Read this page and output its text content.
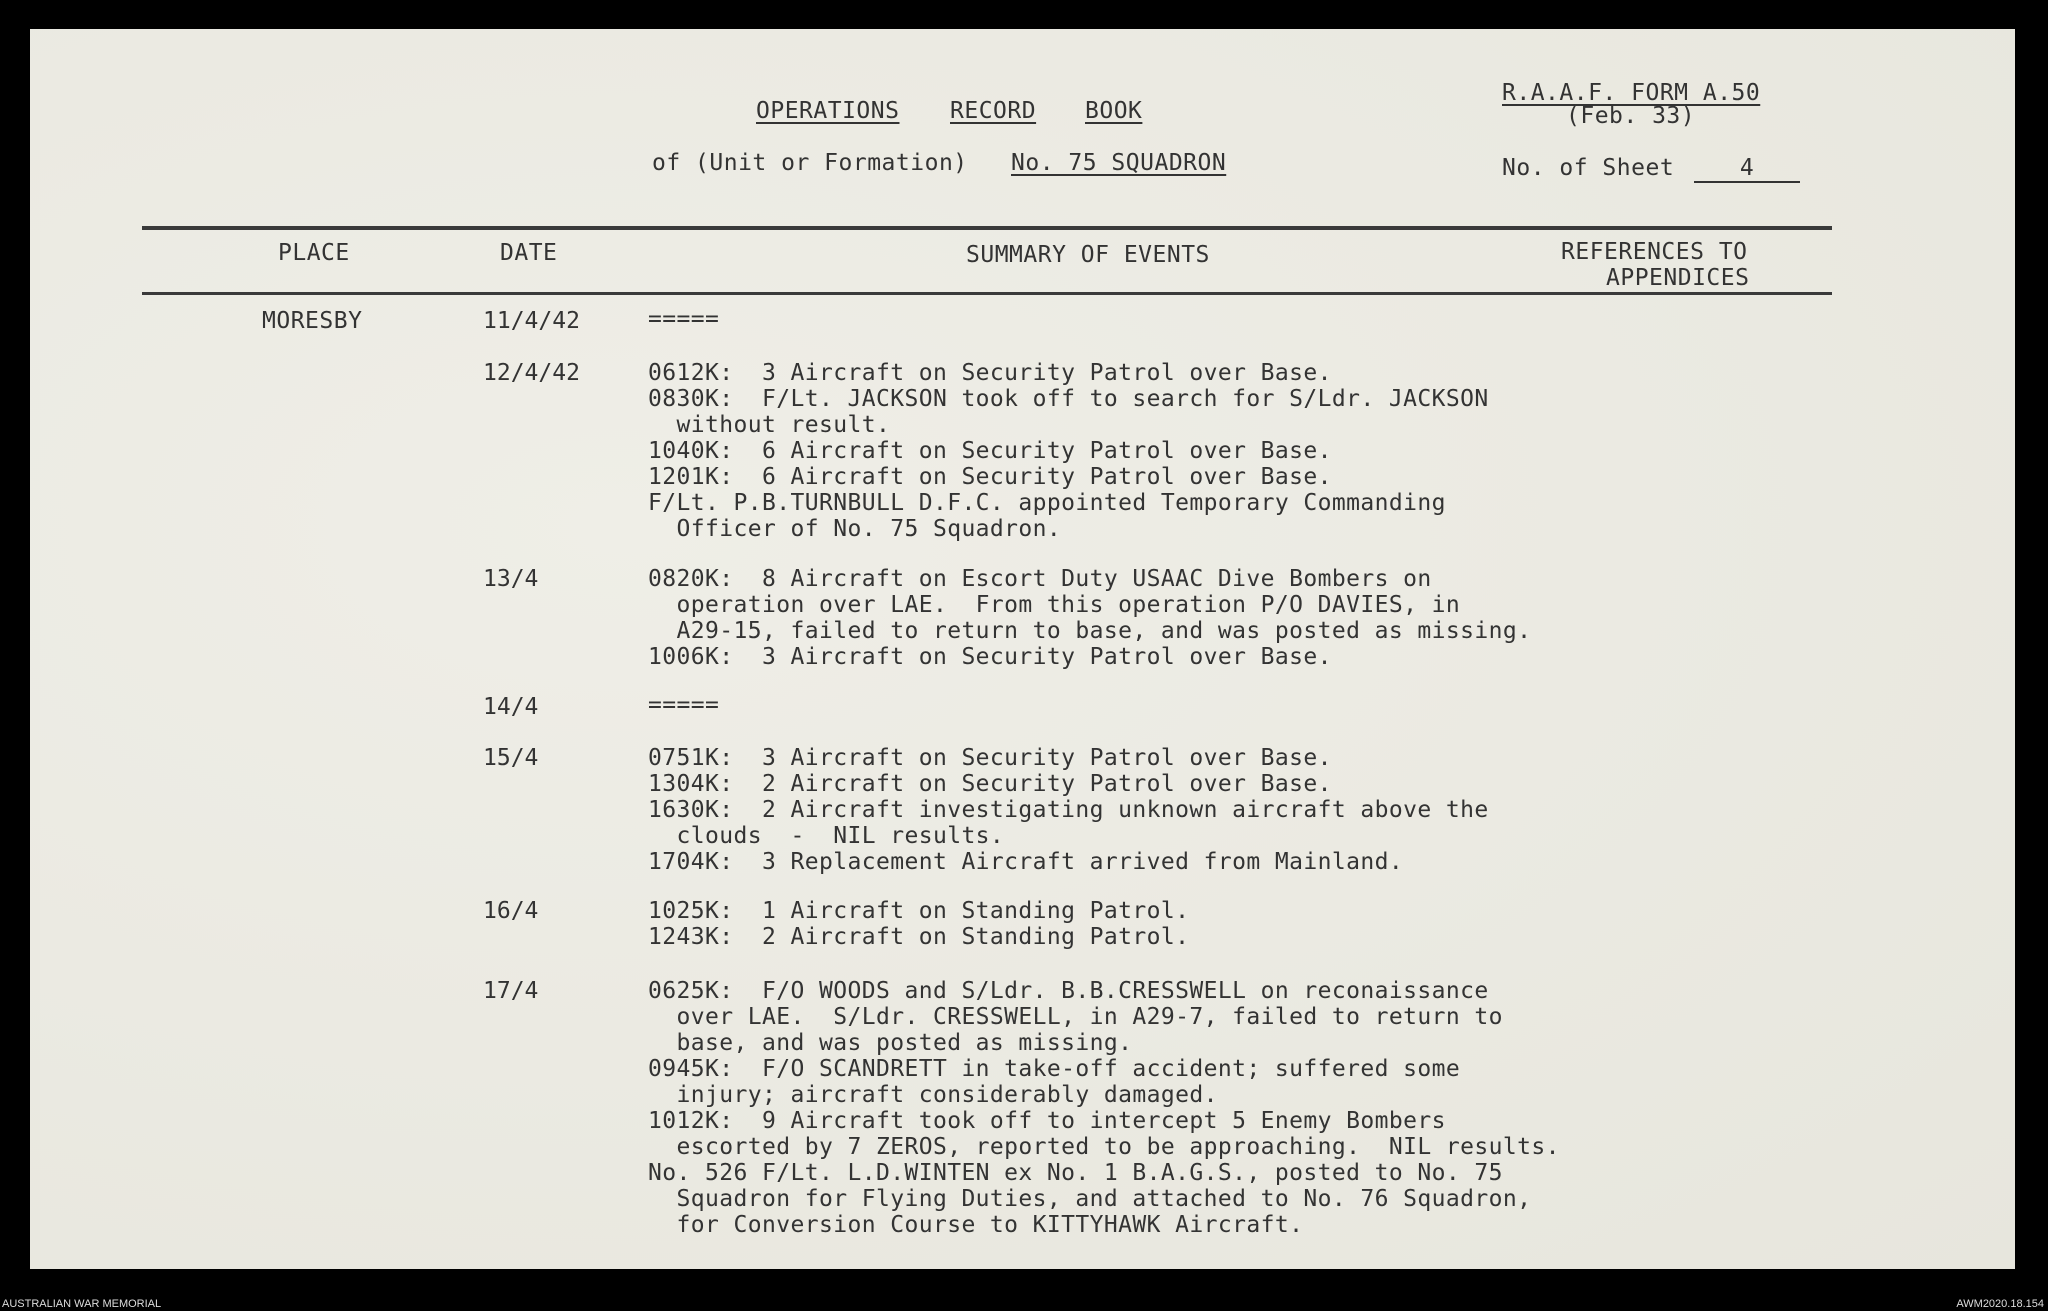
OPERATIONS RECORD BOOK
of (Unit or Formation) No. 75 SQUADRON
R.A.A.F. FORM A.50
(Feb. 33)
No. of Sheet	4
PLACE	DATE	SUMMARY OF EVENTS	REFERENCES TO
APPENDICES
MORESBY	11/4/42	=====
12/4/42	0612K:  3 Aircraft on Security Patrol over Base.
0830K:  F/Lt. JACKSON took off to search for S/Ldr. JACKSON
without result.
1040K:  6 Aircraft on Security Patrol over Base.
1201K:  6 Aircraft on Security Patrol over Base.
F/Lt. P.B.TURNBULL D.F.C. appointed Temporary Commanding
Officer of No. 75 Squadron.
13/4	0820K:  8 Aircraft on Escort Duty USAAC Dive Bombers on
operation over LAE.  From this operation P/O DAVIES, in
A29-15, failed to return to base, and was posted as missing.
1006K:  3 Aircraft on Security Patrol over Base.
14/4	=====
15/4	0751K:  3 Aircraft on Security Patrol over Base.
1304K:  2 Aircraft on Security Patrol over Base.
1630K:  2 Aircraft investigating unknown aircraft above the
clouds  -  NIL results.
1704K:  3 Replacement Aircraft arrived from Mainland.
16/4	1025K:  1 Aircraft on Standing Patrol.
1243K:  2 Aircraft on Standing Patrol.
17/4	0625K:  F/O WOODS and S/Ldr. B.B.CRESSWELL on reconaissance
over LAE.  S/Ldr. CRESSWELL, in A29-7, failed to return to
base, and was posted as missing.
0945K:  F/O SCANDRETT in take-off accident; suffered some
injury; aircraft considerably damaged.
1012K:  9 Aircraft took off to intercept 5 Enemy Bombers
escorted by 7 ZEROS, reported to be approaching.  NIL results.
No. 526 F/Lt. L.D.WINTEN ex No. 1 B.A.G.S., posted to No. 75
Squadron for Flying Duties, and attached to No. 76 Squadron,
for Conversion Course to KITTYHAWK Aircraft.
AUSTRALIAN WAR MEMORIAL	AWM2020.18.154
